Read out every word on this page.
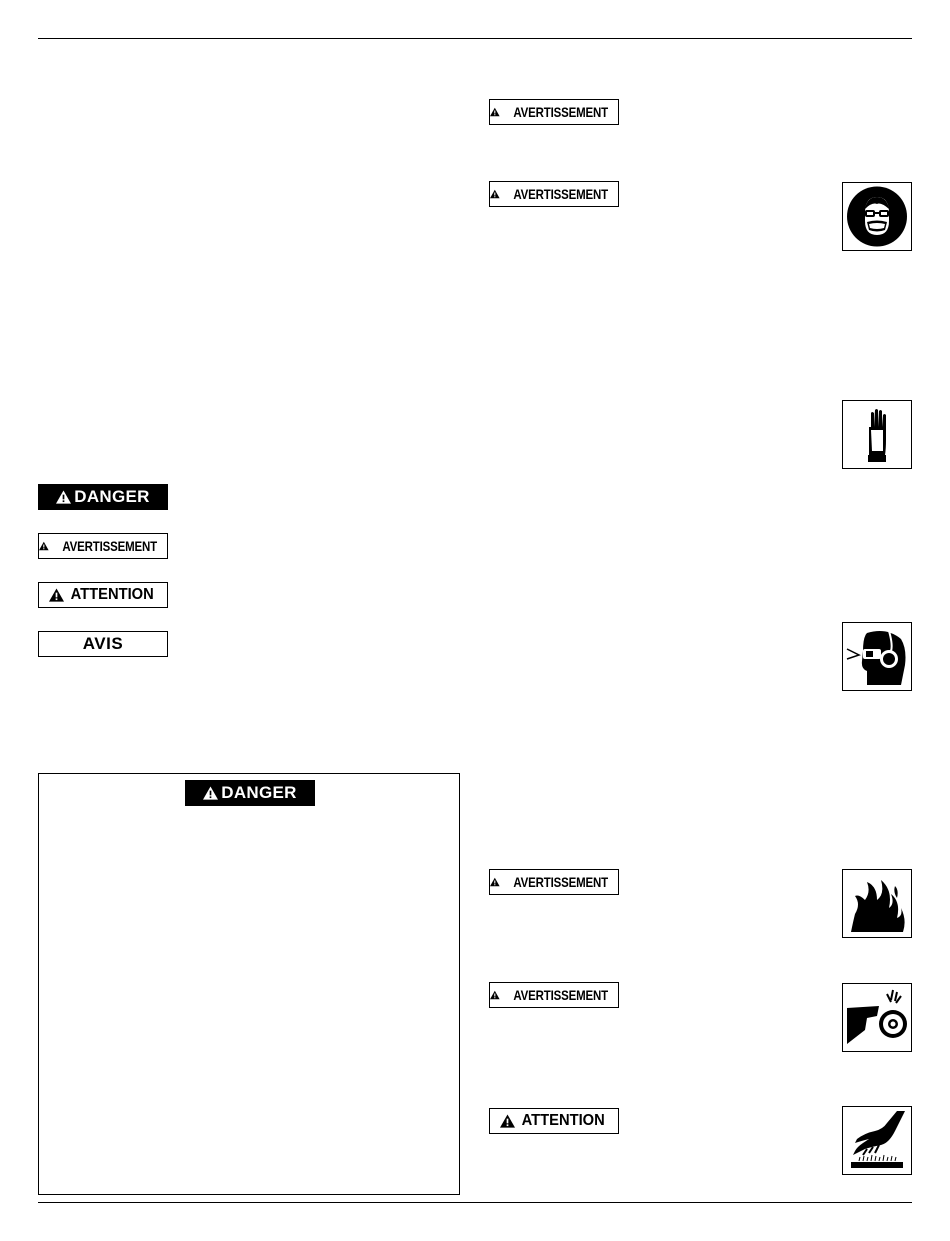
DANGER
AVERTISSEMENT
ATTENTION
AVIS
DANGER
AVERTISSEMENT
AVERTISSEMENT
AVERTISSEMENT
AVERTISSEMENT
ATTENTION
